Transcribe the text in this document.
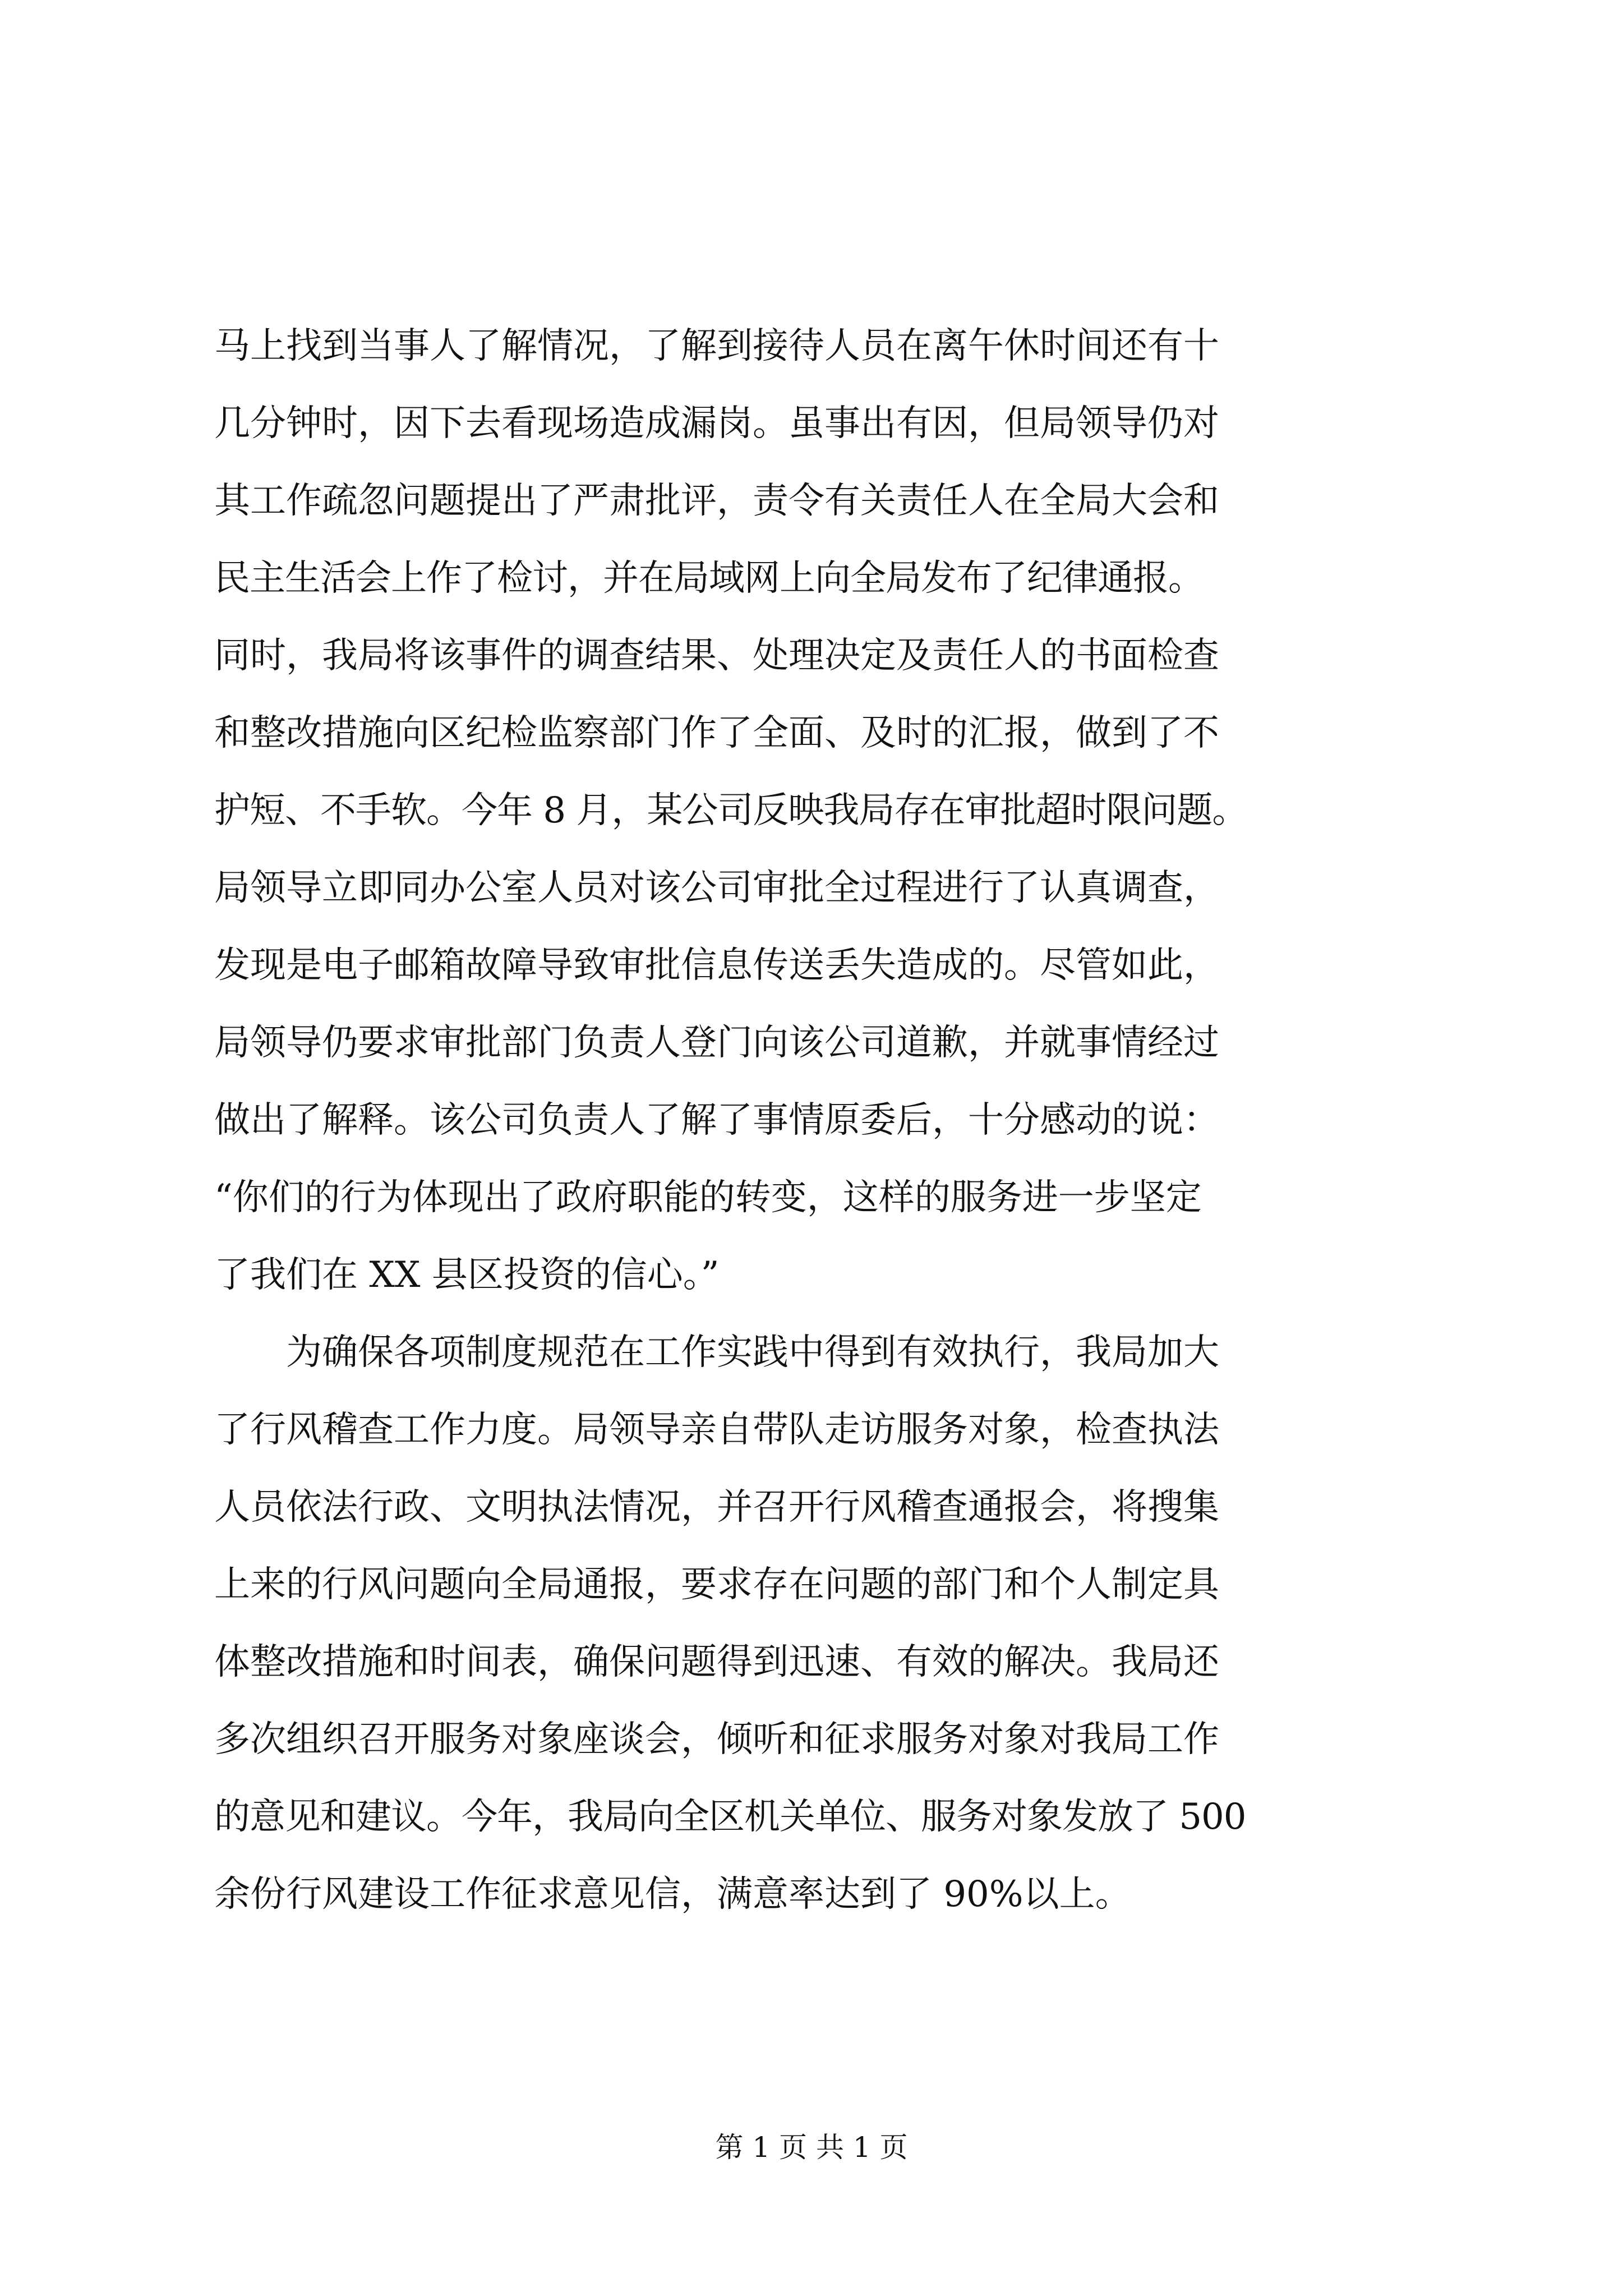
马上找到当事人了解情况，了解到接待人员在离午休时间还有十
几分钟时，因下去看现场造成漏岗。虽事出有因，但局领导仍对
其工作疏忽问题提出了严肃批评，责令有关责任人在全局大会和
民主生活会上作了检讨，并在局域网上向全局发布了纪律通报。
同时，我局将该事件的调查结果、处理决定及责任人的书面检查
和整改措施向区纪检监察部门作了全面、及时的汇报，做到了不
护短、不手软。今年 8 月，某公司反映我局存在审批超时限问题。
局领导立即同办公室人员对该公司审批全过程进行了认真调查，
发现是电子邮箱故障导致审批信息传送丢失造成的。尽管如此，
局领导仍要求审批部门负责人登门向该公司道歉，并就事情经过
做出了解释。该公司负责人了解了事情原委后，十分感动的说：
“你们的行为体现出了政府职能的转变，这样的服务进一步坚定
了我们在 XX 县区投资的信心。”
　　为确保各项制度规范在工作实践中得到有效执行，我局加大
了行风稽查工作力度。局领导亲自带队走访服务对象，检查执法
人员依法行政、文明执法情况，并召开行风稽查通报会，将搜集
上来的行风问题向全局通报，要求存在问题的部门和个人制定具
体整改措施和时间表，确保问题得到迅速、有效的解决。我局还
多次组织召开服务对象座谈会，倾听和征求服务对象对我局工作
的意见和建议。今年，我局向全区机关单位、服务对象发放了 500
余份行风建设工作征求意见信，满意率达到了 90%以上。
第 1 页 共 1 页
